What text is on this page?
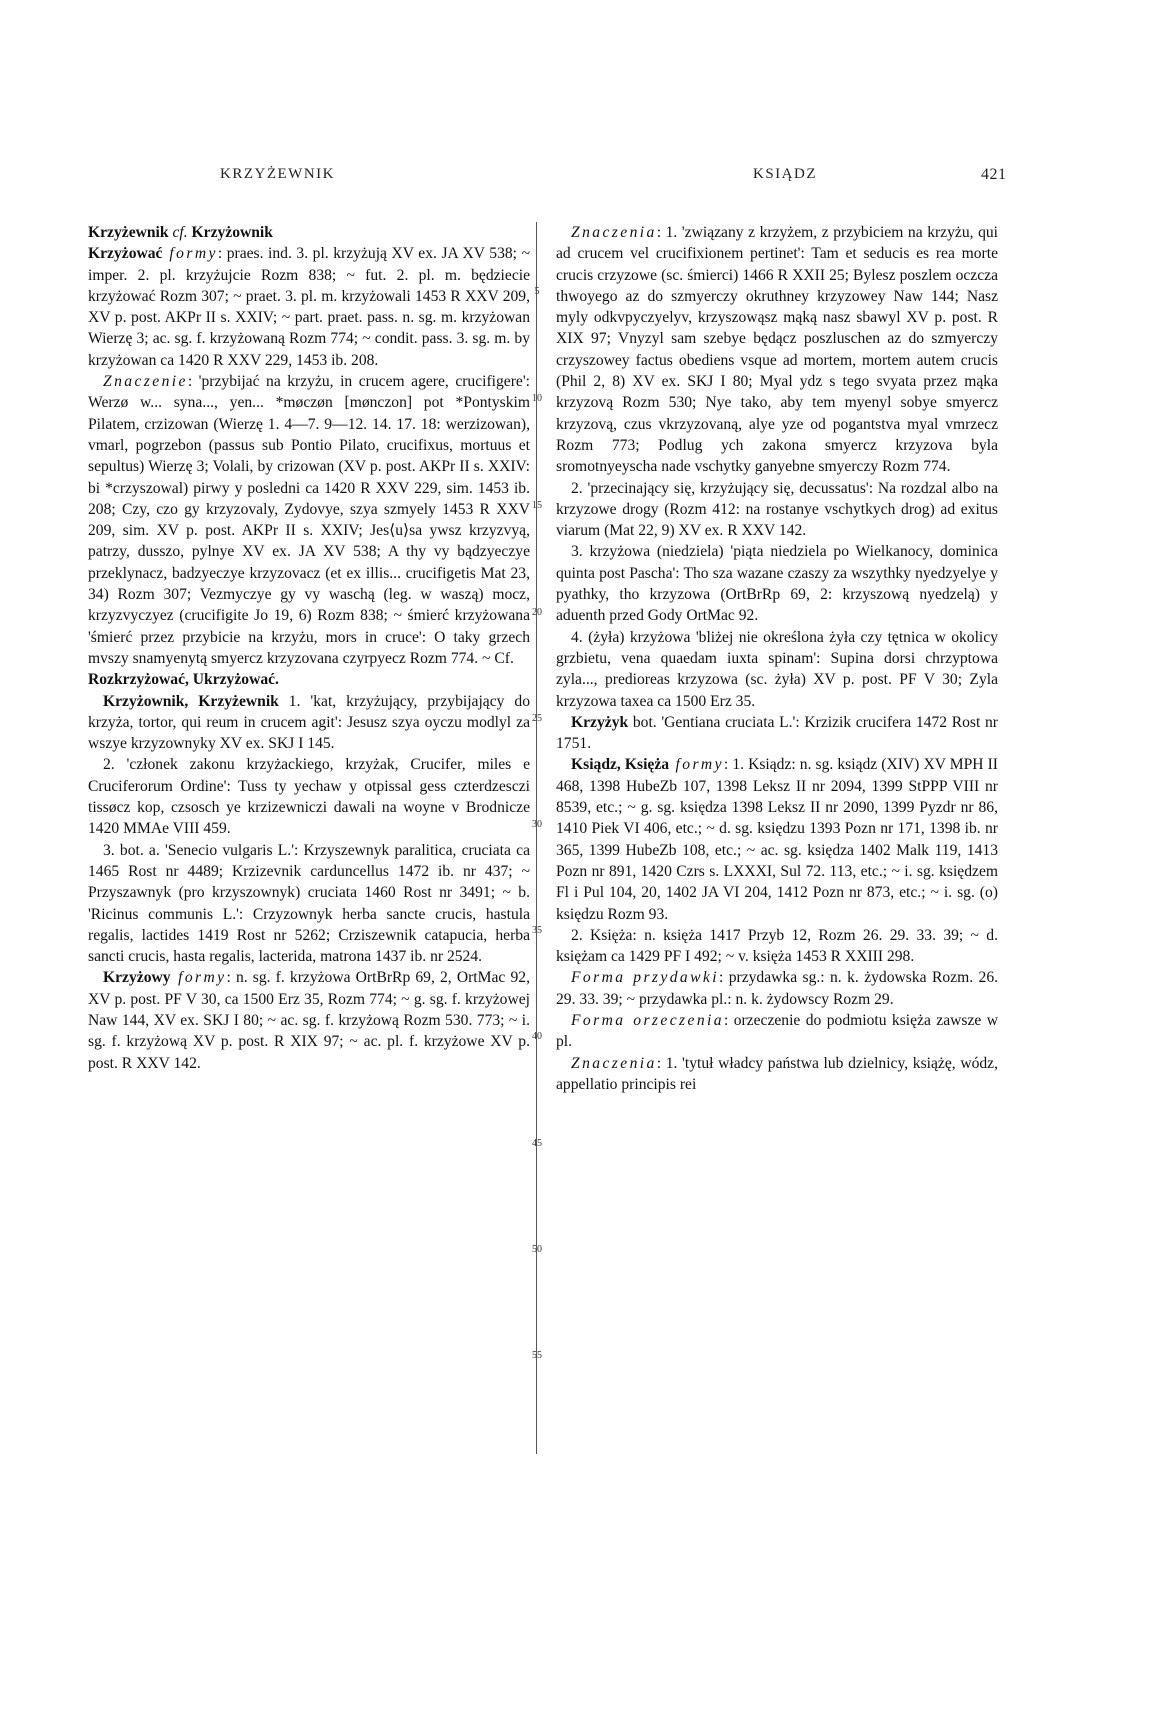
KRZYŻEWNIK	KSIĄDZ	421

Krzyżewnik cf. Krzyżownik

Krzyżować formy: praes. ind. 3. pl. krzyżują XV ex. JA XV 538; ~ imper. 2. pl. krzyżujcie Rozm 838; ~ fut. 2. pl. m. będziecie krzyżować Rozm 307; ~ praet. 3. pl. m. krzyżowali 1453 R XXV 209, XV p. post. AKPr II s. XXIV; ~ part. praet. pass. n. sg. m. krzyżowan Wierzę 3; ac. sg. f. krzyżowaną Rozm 774; ~ condit. pass. 3. sg. m. by krzyżowan ca 1420 R XXV 229, 1453 ib. 208.

Znaczenie: 'przybijać na krzyżu, in crucem agere, crucifigere': Werzø w... syna..., yen... *møczøn [mønczon] pot *Pontyskim Pilatem, crzizowan (Wierzę 1. 4—7. 9—12. 14. 17. 18: werzizowan), vmarl, pogrzebon (passus sub Pontio Pilato, crucifixus, mortuus et sepultus) Wierzę 3; Volali, by crizowan (XV p. post. AKPr II s. XXIV: bi *crzyszowal) pirwy y posledni ca 1420 R XXV 229, sim. 1453 ib. 208; Czy, czo gy krzyzovaly, Zydovye, szya szmyely 1453 R XXV 209, sim. XV p. post. AKPr II s. XXIV; Jes⟨u⟩sa ywsz krzyzvyą, patrzy, dusszo, pylnye XV ex. JA XV 538; A thy vy bądzyeczye przeklynacz, badzyeczye krzyzovacz (et ex illis... crucifigetis Mat 23, 34) Rozm 307; Vezmyczye gy vy waschą (leg. w waszą) mocz, krzyzvyczyez (crucifigite Jo 19, 6) Rozm 838; ~ śmierć krzyżowana 'śmierć przez przybicie na krzyżu, mors in cruce': O taky grzech mvszy snamyenytą smyercz krzyzovana czyrpyecz Rozm 774. ~ Cf.
Rozkrzyżować, Ukrzyżować.

Krzyżownik, Krzyżewnik 1. 'kat, krzyżujący, przybijający do krzyża, tortor, qui reum in crucem agit': Jesusz szya oyczu modlyl za wszye krzyzownyky XV ex. SKJ I 145.

2. 'członek zakonu krzyżackiego, krzyżak, Crucifer, miles e Cruciferorum Ordine': Tuss ty yechaw y otpissal gess czterdzesczi tissøcz kop, czsosch ye krzizewniczi dawali na woyne v Brodnicze 1420 MMAe VIII 459.

3. bot. a. 'Senecio vulgaris L.': Krzyszewnyk paralitica, cruciata ca 1465 Rost nr 4489; Krzizevnik carduncellus 1472 ib. nr 437; ~ Przyszawnyk (pro krzyszownyk) cruciata 1460 Rost nr 3491; ~ b. 'Ricinus communis L.': Crzyzownyk herba sancte crucis, hastula regalis, lactides 1419 Rost nr 5262; Crziszewnik catapucia, herba sancti crucis, hasta regalis, lacterida, matrona 1437 ib. nr 2524.

Krzyżowy formy: n. sg. f. krzyżowa OrtBrRp 69, 2, OrtMac 92, XV p. post. PF V 30, ca 1500 Erz 35, Rozm 774; ~ g. sg. f. krzyżowej Naw 144, XV ex. SKJ I 80; ~ ac. sg. f. krzyżową Rozm 530. 773; ~ i. sg. f. krzyżową XV p. post. R XIX 97; ~ ac. pl. f. krzyżowe XV p. post. R XXV 142.

5
10
15
20
25
30
35
40
45
50
55

Znaczenia: 1. 'związany z krzyżem, z przybiciem na krzyżu, qui ad crucem vel crucifixionem pertinet': Tam et seducis es rea morte crucis crzyzowe (sc. śmierci) 1466 R XXII 25; Bylesz poszlem oczcza thwoyego az do szmyerczy okruthney krzyzowey Naw 144; Nasz myly odkvpyczyelyv, krzyszowąsz mąką nasz sbawyl XV p. post. R XIX 97; Vnyzyl sam szebye będącz poszluschen az do szmyerczy crzyszowey factus obediens vsque ad mortem, mortem autem crucis (Phil 2, 8) XV ex. SKJ I 80; Myal ydz s tego svyata przez mąka krzyzovą Rozm 530; Nye tako, aby tem myenyl sobye smyercz krzyzovą, czus vkrzyzovaną, alye yze od pogantstva myal vmrzecz Rozm 773; Podlug ych zakona smyercz krzyzova byla sromotnyeyscha nade vschytky ganyebne smyerczy Rozm 774.

2. 'przecinający się, krzyżujący się, decussatus': Na rozdzal albo na krzyzowe drogy (Rozm 412: na rostanye vschytkych drog) ad exitus viarum (Mat 22, 9) XV ex. R XXV 142.

3. krzyżowa (niedziela) 'piąta niedziela po Wielkanocy, dominica quinta post Pascha': Tho sza wazane czaszy za wszythky nyedzyelye y pyathky, tho krzyzowa (OrtBrRp 69, 2: krzyszową nyedzelą) y aduenth przed Gody OrtMac 92.

4. (żyła) krzyżowa 'bliżej nie określona żyła czy tętnica w okolicy grzbietu, vena quaedam iuxta spinam': Supina dorsi chrzyptowa zyla..., predioreas krzyzowa (sc. żyła) XV p. post. PF V 30; Zyla krzyzowa taxea ca 1500 Erz 35.

Krzyżyk bot. 'Gentiana cruciata L.': Krzizik crucifera 1472 Rost nr 1751.

Ksiądz, Księża formy: 1. Ksiądz: n. sg. ksiądz (XIV) XV MPH II 468, 1398 HubeZb 107, 1398 Leksz II nr 2094, 1399 StPPP VIII nr 8539, etc.; ~ g. sg. księdza 1398 Leksz II nr 2090, 1399 Pyzdr nr 86, 1410 Piek VI 406, etc.; ~ d. sg. księdzu 1393 Pozn nr 171, 1398 ib. nr 365, 1399 HubeZb 108, etc.; ~ ac. sg. księdza 1402 Malk 119, 1413 Pozn nr 891, 1420 Czrs s. LXXXI, Sul 72. 113, etc.; ~ i. sg. księdzem Fl i Pul 104, 20, 1402 JA VI 204, 1412 Pozn nr 873, etc.; ~ i. sg. (o) księdzu Rozm 93.

2. Księża: n. księża 1417 Przyb 12, Rozm 26. 29. 33. 39; ~ d. księżam ca 1429 PF I 492; ~ v. księża 1453 R XXIII 298.

Forma przydawki: przydawka sg.: n. k. żydowska Rozm. 26. 29. 33. 39; ~ przydawka pl.: n. k. żydowscy Rozm 29.

Forma orzeczenia: orzeczenie do podmiotu księża zawsze w pl.

Znaczenia: 1. 'tytuł władcy państwa lub dzielnicy, książę, wódz, appellatio principis rei
